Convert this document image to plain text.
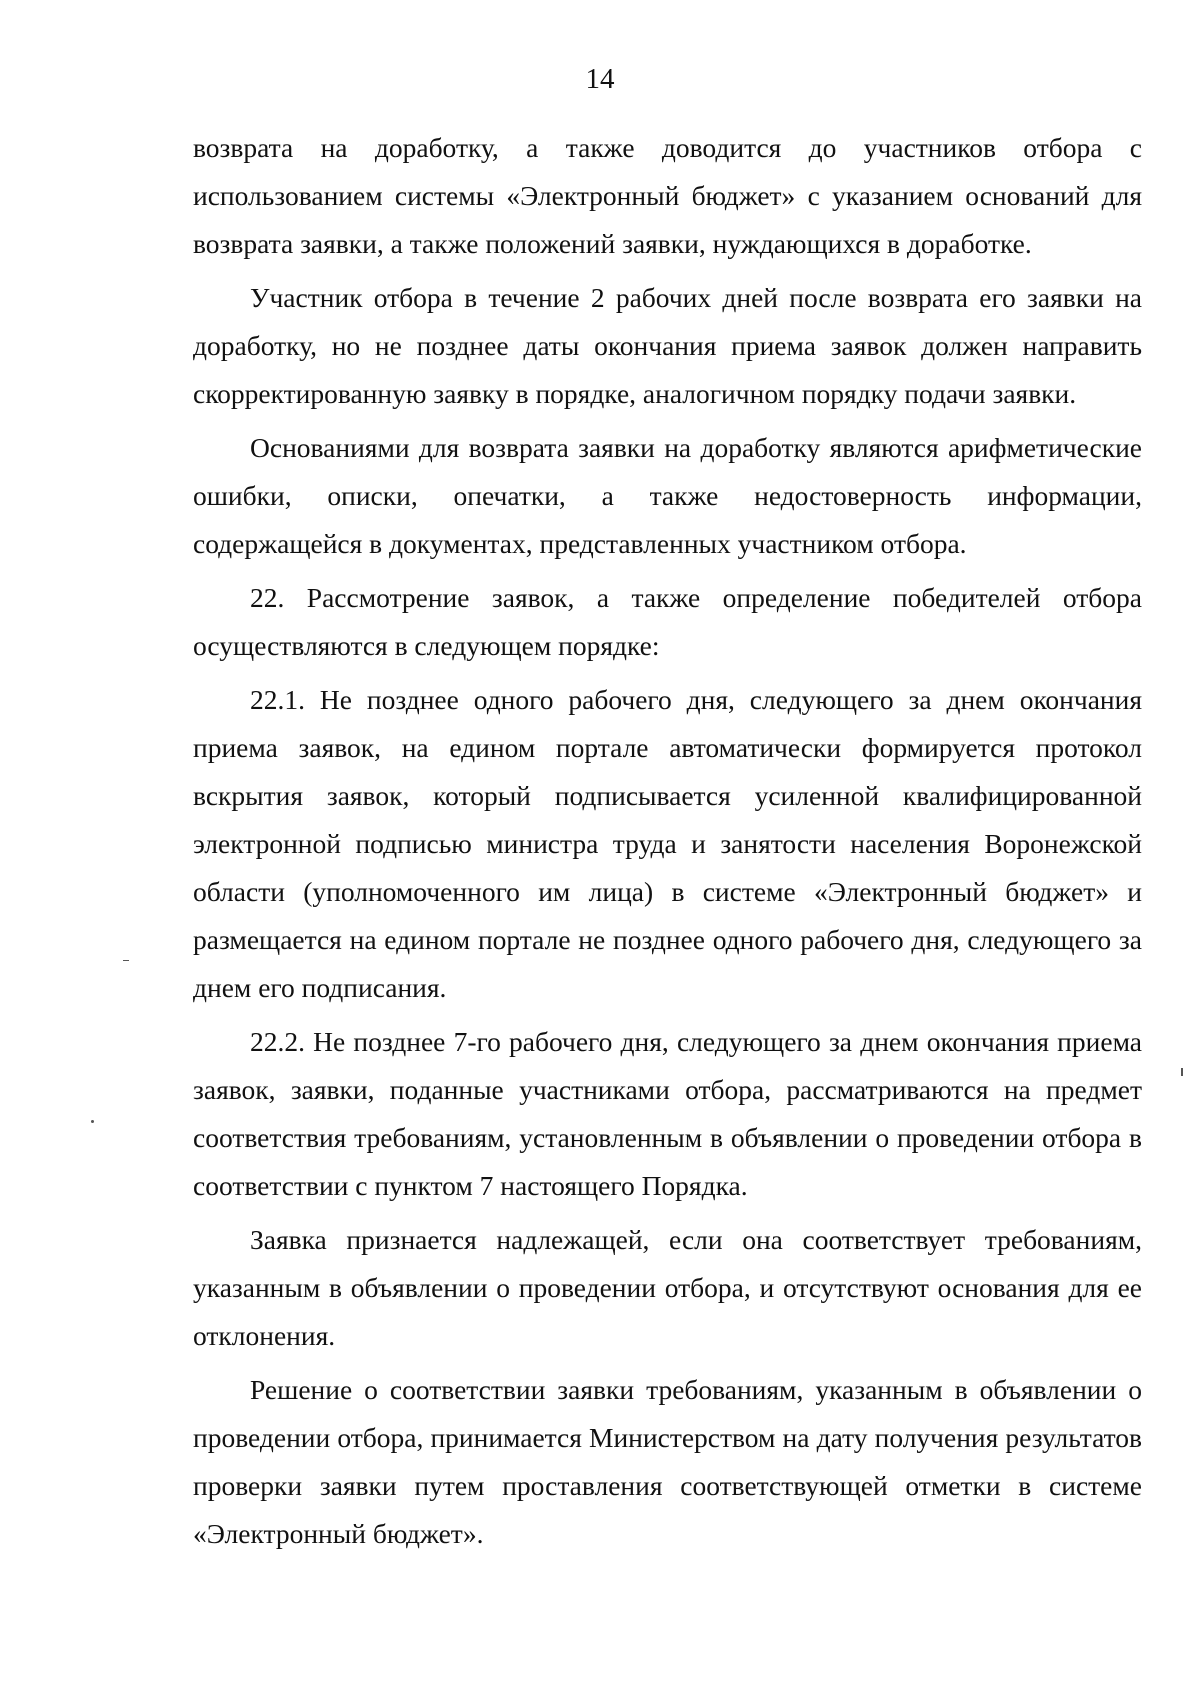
14

возврата на доработку, а также доводится до участников отбора с использованием системы «Электронный бюджет» с указанием оснований для возврата заявки, а также положений заявки, нуждающихся в доработке.

Участник отбора в течение 2 рабочих дней после возврата его заявки на доработку, но не позднее даты окончания приема заявок должен направить скорректированную заявку в порядке, аналогичном порядку подачи заявки.

Основаниями для возврата заявки на доработку являются арифметические ошибки, описки, опечатки, а также недостоверность информации, содержащейся в документах, представленных участником отбора.

22. Рассмотрение заявок, а также определение победителей отбора осуществляются в следующем порядке:

22.1. Не позднее одного рабочего дня, следующего за днем окончания приема заявок, на едином портале автоматически формируется протокол вскрытия заявок, который подписывается усиленной квалифицированной электронной подписью министра труда и занятости населения Воронежской области (уполномоченного им лица) в системе «Электронный бюджет» и размещается на едином портале не позднее одного рабочего дня, следующего за днем его подписания.

22.2. Не позднее 7-го рабочего дня, следующего за днем окончания приема заявок, заявки, поданные участниками отбора, рассматриваются на предмет соответствия требованиям, установленным в объявлении о проведении отбора в соответствии с пунктом 7 настоящего Порядка.

Заявка признается надлежащей, если она соответствует требованиям, указанным в объявлении о проведении отбора, и отсутствуют основания для ее отклонения.

Решение о соответствии заявки требованиям, указанным в объявлении о проведении отбора, принимается Министерством на дату получения результатов проверки заявки путем проставления соответствующей отметки в системе «Электронный бюджет».
